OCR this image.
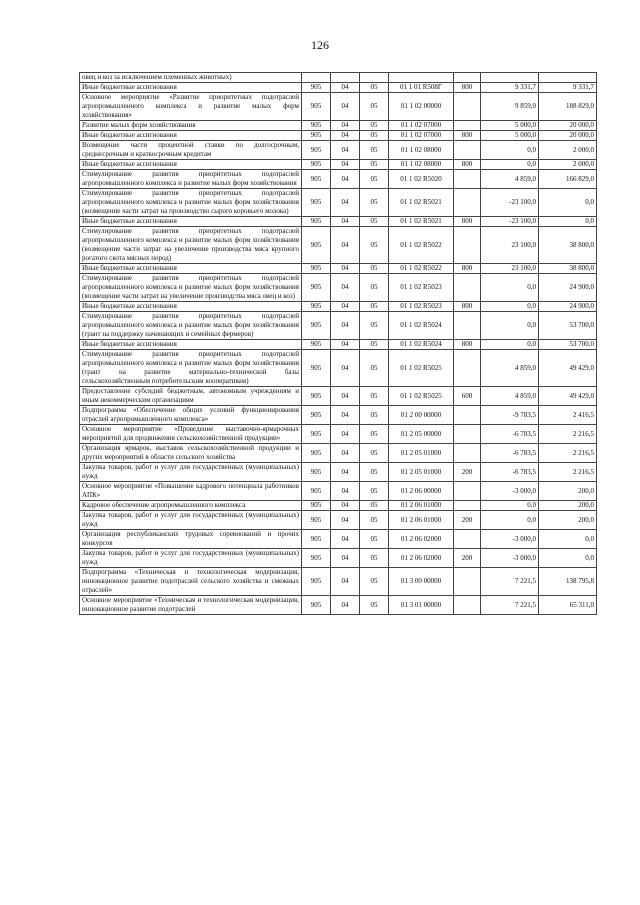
126
овец и коз за исключением племенных животных)							
Иные бюджетные ассигнования	905	04	05	01 1 01 R508Г	800	9 331,7	9 331,7
Основное мероприятие «Развитие приоритетных подотраслей агропромышленного комплекса и развитие малых форм хозяйствования»	905	04	05	01 1 02 00000		9 859,0	188 829,0
Развитие малых форм хозяйствования	905	04	05	01 1 02 07000		5 000,0	20 000,0
Иные бюджетные ассигнования	905	04	05	01 1 02 07000	800	5 000,0	20 000,0
Возмещение части процентной ставки по долгосрочным, среднесрочным и краткосрочным кредитам	905	04	05	01 1 02 08000		0,0	2 000,0
Иные бюджетные ассигнования	905	04	05	01 1 02 08000	800	0,0	2 000,0
Стимулирование развития приоритетных подотраслей агропромышленного комплекса и развитие малых форм хозяйствования	905	04	05	01 1 02 R5020		4 859,0	166 829,0
Стимулирование развития приоритетных подотраслей агропромышленного комплекса и развитие малых форм хозяйствования (возмещение части затрат на производство сырого коровьего молока)	905	04	05	01 1 02 R5021		-23 100,0	0,0
Иные бюджетные ассигнования	905	04	05	01 1 02 R5021	800	-23 100,0	0,0
Стимулирование развития приоритетных подотраслей агропромышленного комплекса и развитие малых форм хозяйствования (возмещение части затрат на увеличение производства мяса крупного рогатого скота мясных пород)	905	04	05	01 1 02 R5022		23 100,0	38 800,0
Иные бюджетные ассигнования	905	04	05	01 1 02 R5022	800	23 100,0	38 800,0
Стимулирование развития приоритетных подотраслей агропромышленного комплекса и развитие малых форм хозяйствования (возмещение части затрат на увеличение производства мяса овец и коз)	905	04	05	01 1 02 R5023		0,0	24 900,0
Иные бюджетные ассигнования	905	04	05	01 1 02 R5023	800	0,0	24 900,0
Стимулирование развития приоритетных подотраслей агропромышленного комплекса и развитие малых форм хозяйствования (грант на поддержку начинающих и семейных фермеров)	905	04	05	01 1 02 R5024		0,0	53 700,0
Иные бюджетные ассигнования	905	04	05	01 1 02 R5024	800	0,0	53 700,0
Стимулирование развития приоритетных подотраслей агропромышленного комплекса и развитие малых форм хозяйствования (грант на развитие материально-технической базы сельскохозяйственным потребительским кооперативам)	905	04	05	01 1 02 R5025		4 859,0	49 429,0
Предоставление субсидий бюджетным, автономным учреждениям и иным некоммерческим организациям	905	04	05	01 1 02 R5025	600	4 859,0	49 429,0
Подпрограмма «Обеспечение общих условий функционирования отраслей агропромышленного комплекса»	905	04	05	01 2 00 00000		-9 783,5	2 416,5
Основное мероприятие «Проведение выставочно-ярмарочных мероприятий для продвижения сельскохозяйственной продукции»	905	04	05	01 2 05 00000		-6 783,5	2 216,5
Организация ярмарок, выставок сельскохозяйственной продукции и других мероприятий в области сельского хозяйства	905	04	05	01 2 05 01000		-6 783,5	2 216,5
Закупка товаров, работ и услуг для государственных (муниципальных) нужд	905	04	05	01 2 05 01000	200	-6 783,5	2 216,5
Основное мероприятие «Повышение кадрового потенциала работников АПК»	905	04	05	01 2 06 00000		-3 000,0	200,0
Кадровое обеспечение агропромышленного комплекса	905	04	05	01 2 06 01000		0,0	200,0
Закупка товаров, работ и услуг для государственных (муниципальных) нужд	905	04	05	01 2 06 01000	200	0,0	200,0
Организация республиканских трудовых соревнований и прочих конкурсов	905	04	05	01 2 06 02000		-3 000,0	0,0
Закупка товаров, работ и услуг для государственных (муниципальных) нужд	905	04	05	01 2 06 02000	200	-3 000,0	0,0
Подпрограмма «Техническая и технологическая модернизация, инновационное развитие подотраслей сельского хозяйства и смежных отраслей»	905	04	05	01 3 00 00000		7 221,5	138 795,8
Основное мероприятие «Техническая и технологическая модернизация, инновационное развитие подотраслей	905	04	05	01 3 01 00000		7 221,5	65 311,0
